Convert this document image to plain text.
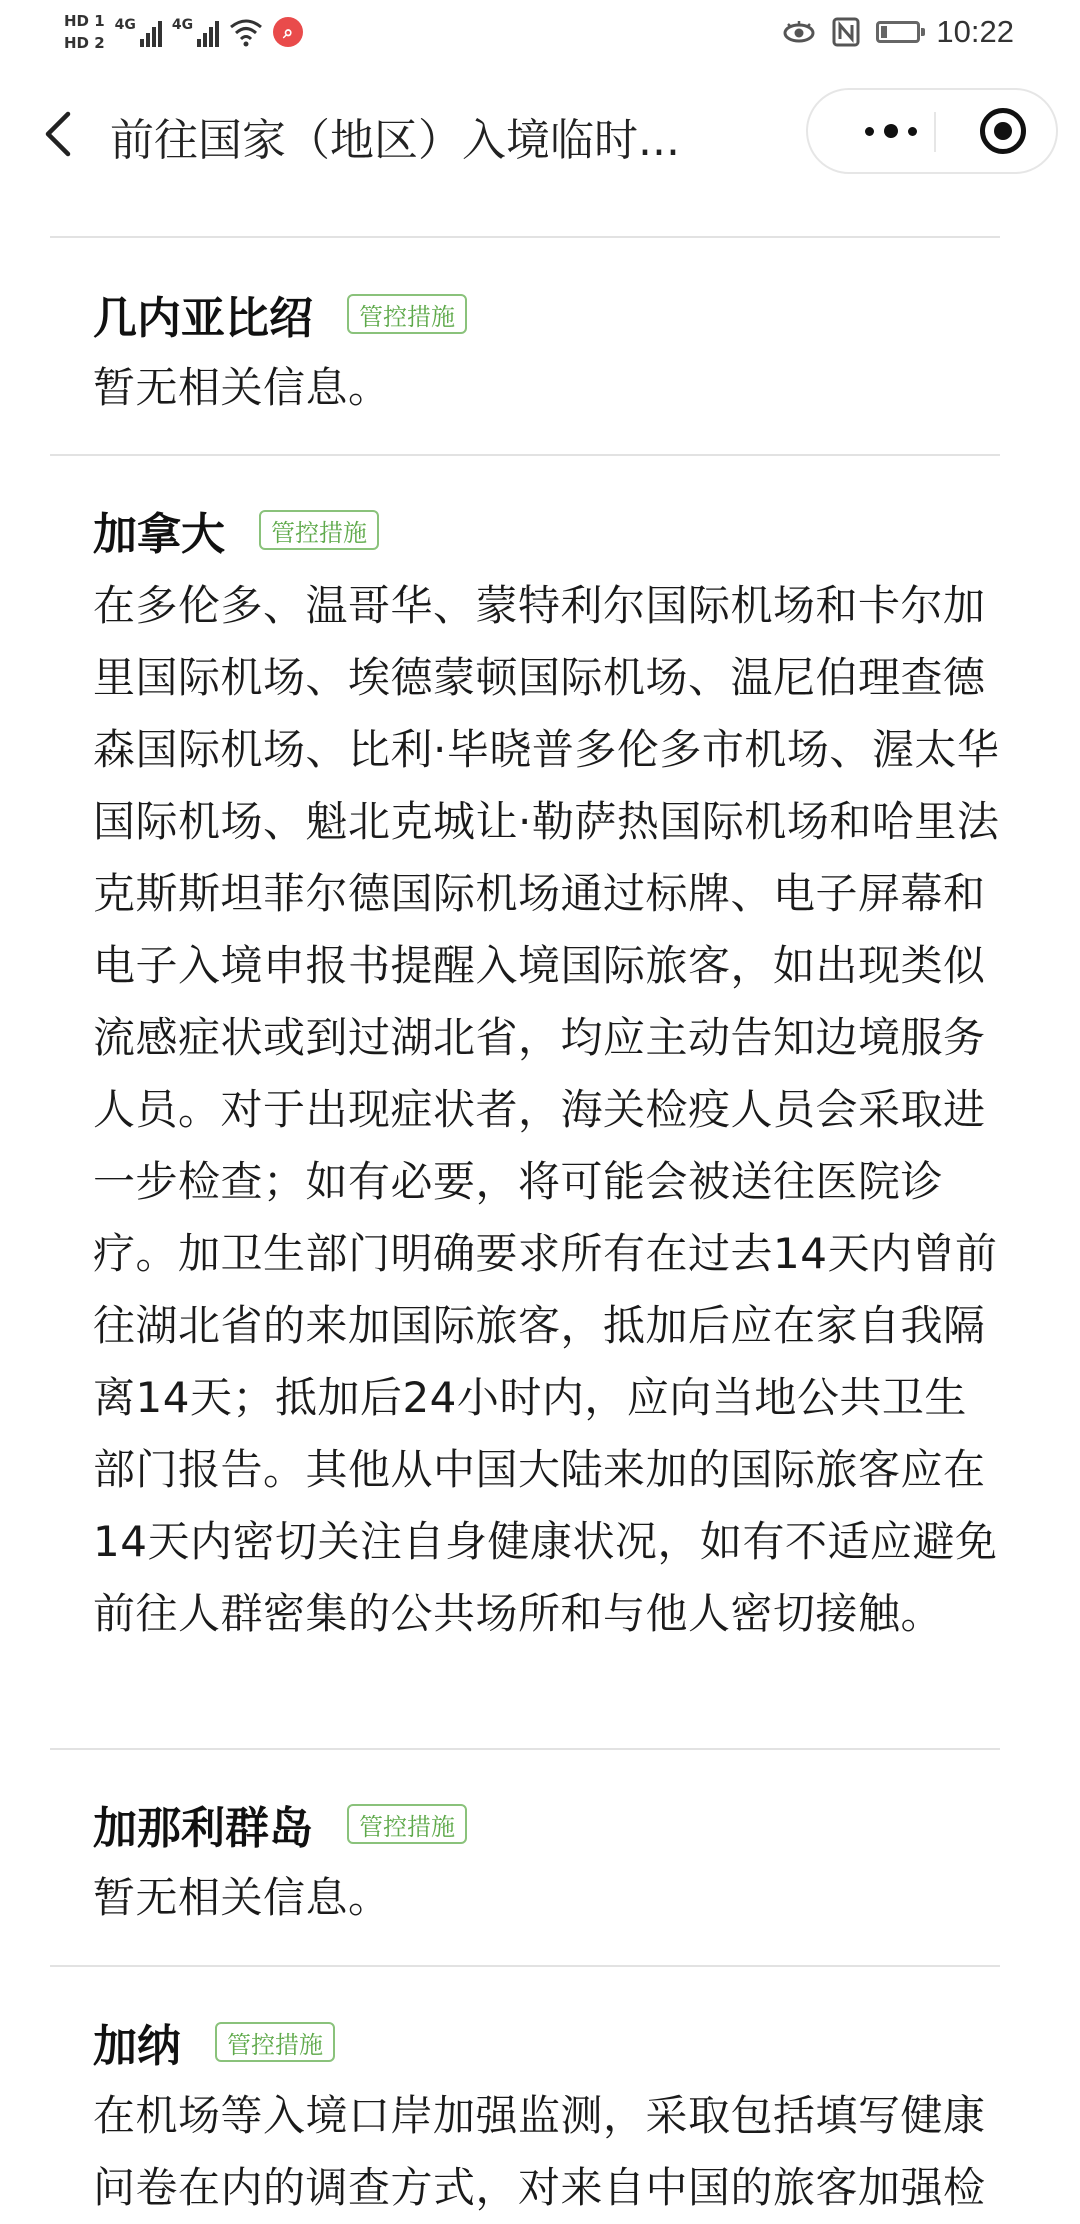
HD 1
HD 2
4G	4G	⌕	10:22
前往国家（地区）入境临时...
几内亚比绍	管控措施
暂无相关信息。
加拿大	管控措施
在多伦多、温哥华、蒙特利尔国际机场和卡尔加里国际机场、埃德蒙顿国际机场、温尼伯理查德森国际机场、比利·毕晓普多伦多市机场、渥太华国际机场、魁北克城让·勒萨热国际机场和哈里法克斯斯坦菲尔德国际机场通过标牌、电子屏幕和电子入境申报书提醒入境国际旅客，如出现类似流感症状或到过湖北省，均应主动告知边境服务人员。对于出现症状者，海关检疫人员会采取进一步检查；如有必要，将可能会被送往医院诊疗。加卫生部门明确要求所有在过去14天内曾前往湖北省的来加国际旅客，抵加后应在家自我隔离14天；抵加后24小时内，应向当地公共卫生部门报告。其他从中国大陆来加的国际旅客应在14天内密切关注自身健康状况，如有不适应避免前往人群密集的公共场所和与他人密切接触。
加那利群岛	管控措施
暂无相关信息。
加纳	管控措施
在机场等入境口岸加强监测，采取包括填写健康问卷在内的调查方式，对来自中国的旅客加强检
